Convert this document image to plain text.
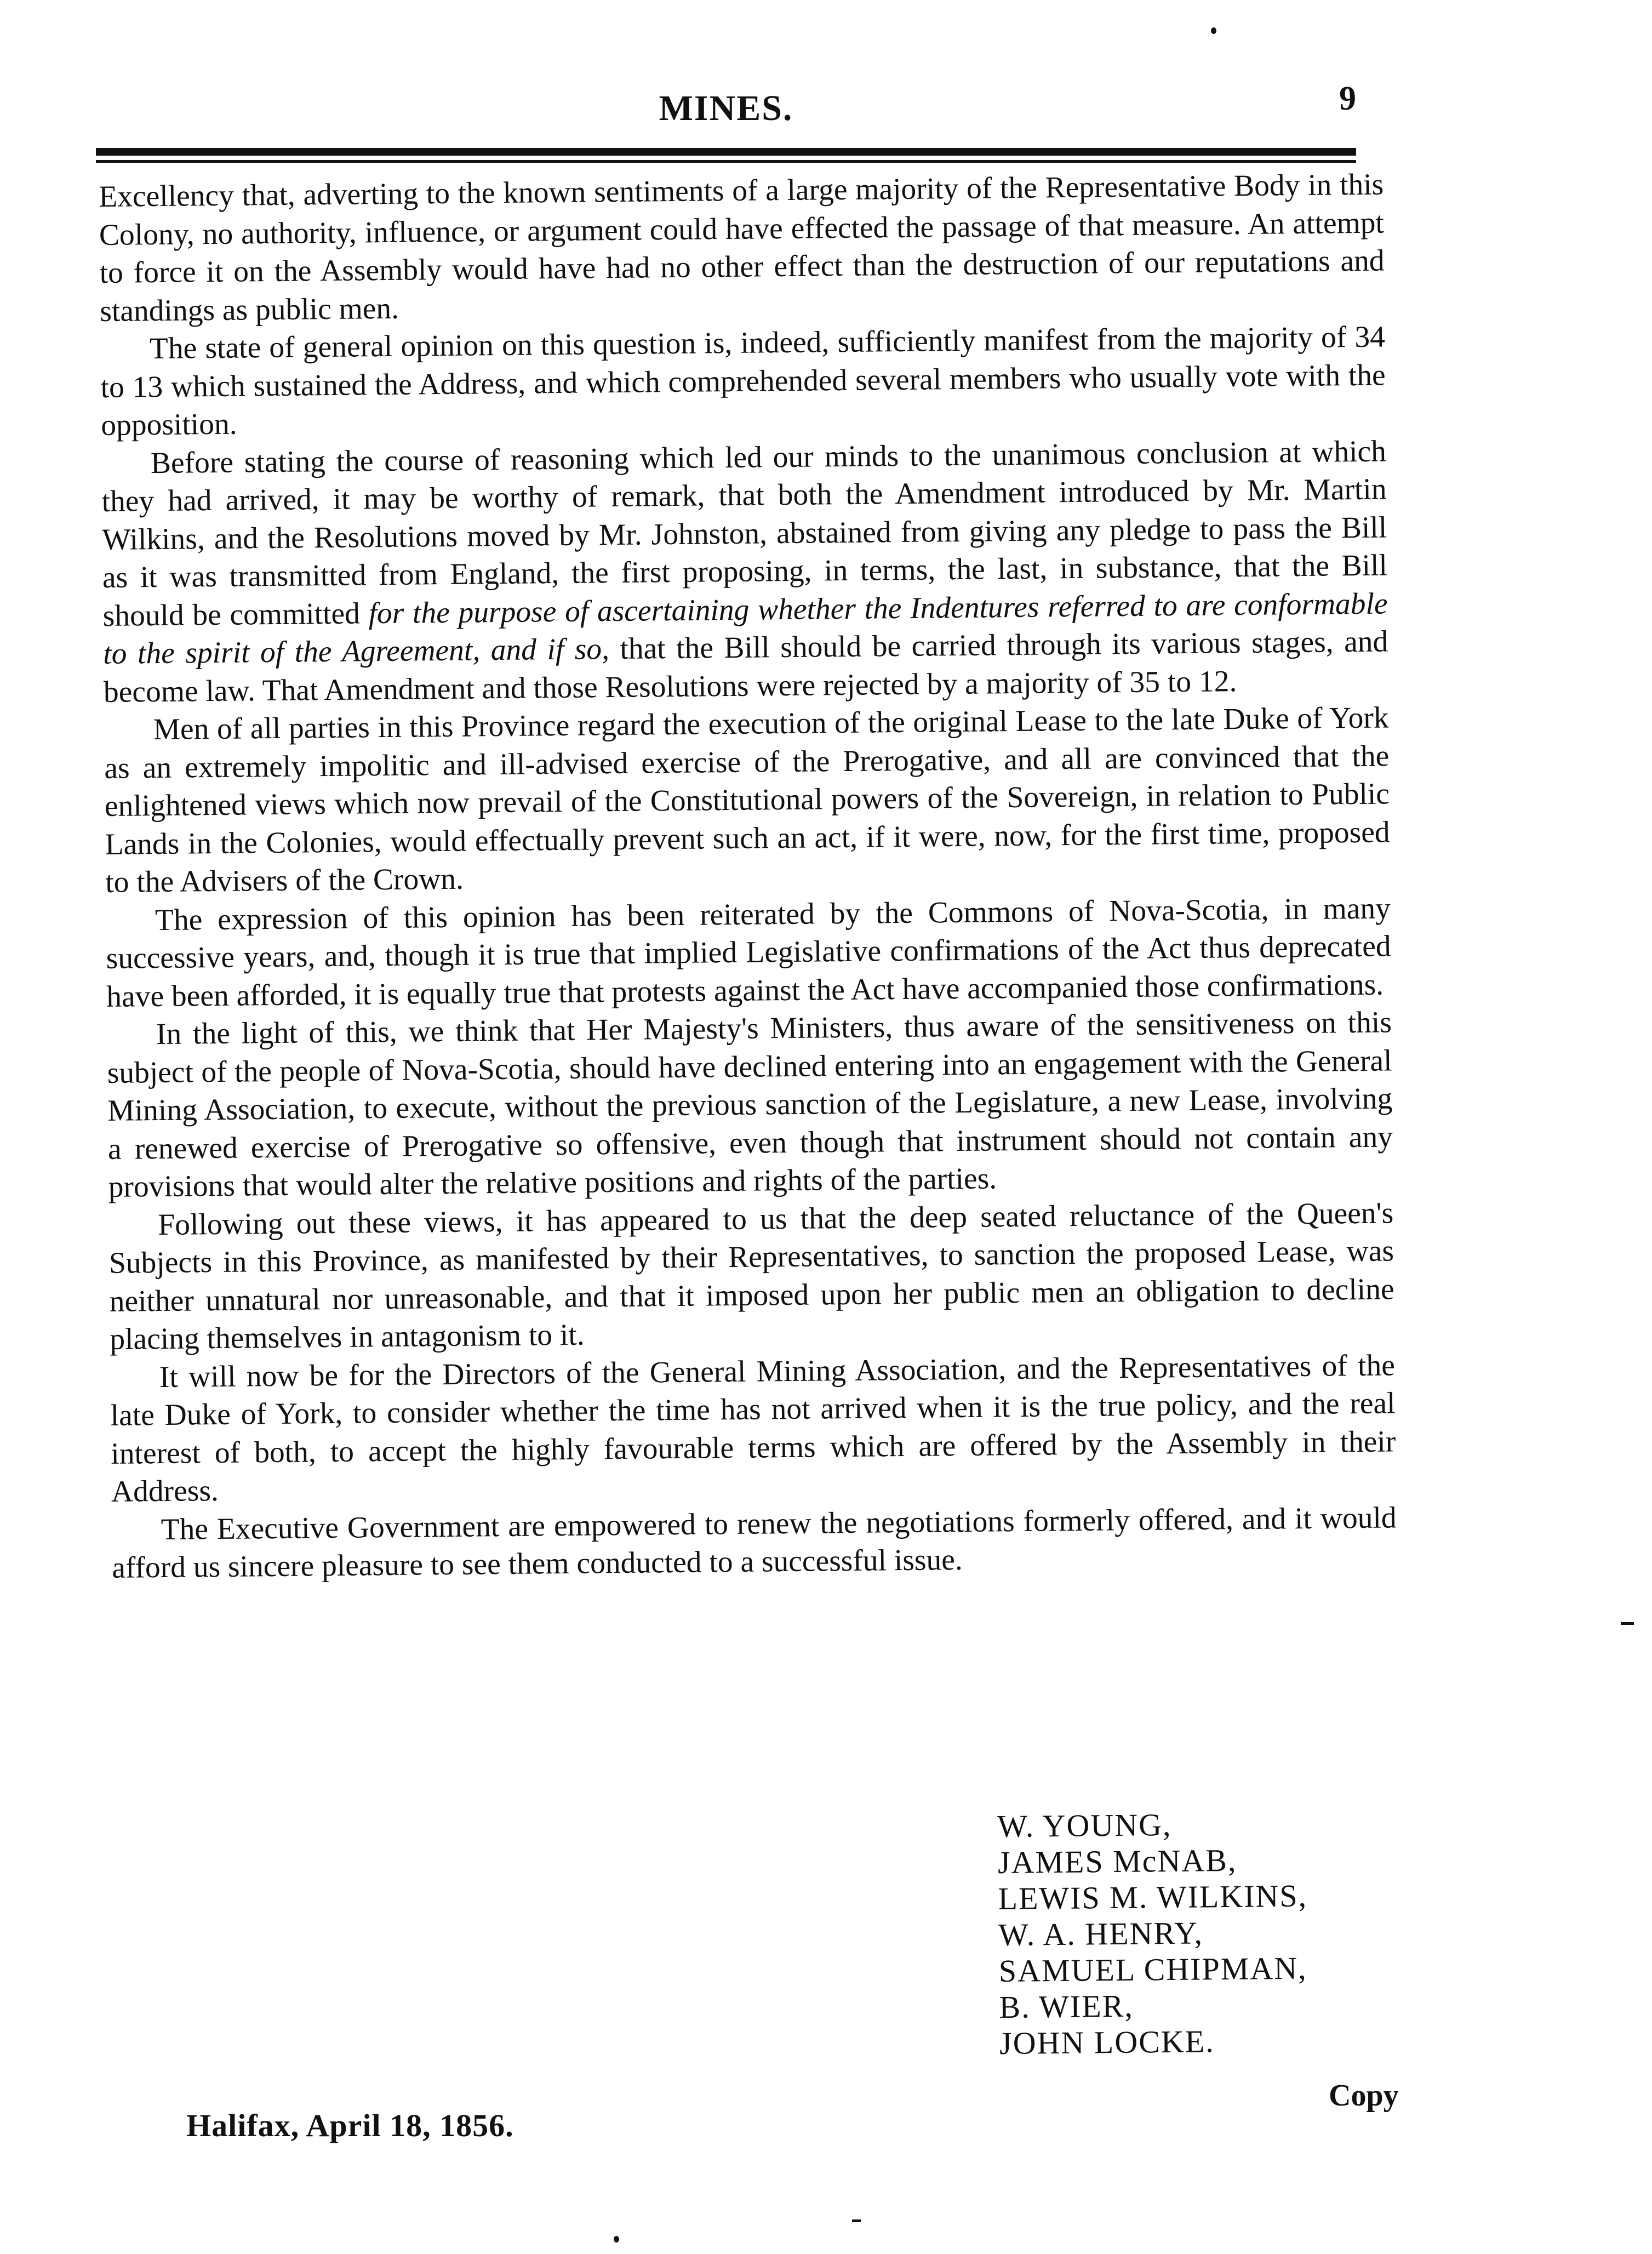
MINES.	9

Excellency that, adverting to the known sentiments of a large majority of the Representative Body in this Colony, no authority, influence, or argument could have effected the passage of that measure. An attempt to force it on the Assembly would have had no other effect than the destruction of our reputations and standings as public men.

The state of general opinion on this question is, indeed, sufficiently manifest from the majority of 34 to 13 which sustained the Address, and which comprehended several members who usually vote with the opposition.

Before stating the course of reasoning which led our minds to the unanimous conclusion at which they had arrived, it may be worthy of remark, that both the Amendment introduced by Mr. Martin Wilkins, and the Resolutions moved by Mr. Johnston, abstained from giving any pledge to pass the Bill as it was transmitted from England, the first proposing, in terms, the last, in substance, that the Bill should be committed for the purpose of ascertaining whether the Indentures referred to are conformable to the spirit of the Agreement, and if so, that the Bill should be carried through its various stages, and become law. That Amendment and those Resolutions were rejected by a majority of 35 to 12.

Men of all parties in this Province regard the execution of the original Lease to the late Duke of York as an extremely impolitic and ill-advised exercise of the Prerogative, and all are convinced that the enlightened views which now prevail of the Constitutional powers of the Sovereign, in relation to Public Lands in the Colonies, would effectually prevent such an act, if it were, now, for the first time, proposed to the Advisers of the Crown.

The expression of this opinion has been reiterated by the Commons of Nova-Scotia, in many successive years, and, though it is true that implied Legislative confirmations of the Act thus deprecated have been afforded, it is equally true that protests against the Act have accompanied those confirmations.

In the light of this, we think that Her Majesty's Ministers, thus aware of the sensitiveness on this subject of the people of Nova-Scotia, should have declined entering into an engagement with the General Mining Association, to execute, without the previous sanction of the Legislature, a new Lease, involving a renewed exercise of Prerogative so offensive, even though that instrument should not contain any provisions that would alter the relative positions and rights of the parties.

Following out these views, it has appeared to us that the deep seated reluctance of the Queen's Subjects in this Province, as manifested by their Representatives, to sanction the proposed Lease, was neither unnatural nor unreasonable, and that it imposed upon her public men an obligation to decline placing themselves in antagonism to it.

It will now be for the Directors of the General Mining Association, and the Representatives of the late Duke of York, to consider whether the time has not arrived when it is the true policy, and the real interest of both, to accept the highly favourable terms which are offered by the Assembly in their Address.

The Executive Government are empowered to renew the negotiations formerly offered, and it would afford us sincere pleasure to see them conducted to a successful issue.

W. YOUNG,
JAMES McNAB,
LEWIS M. WILKINS,
W. A. HENRY,
SAMUEL CHIPMAN,
B. WIER,
JOHN LOCKE.
Copy
Halifax, April 18, 1856.
